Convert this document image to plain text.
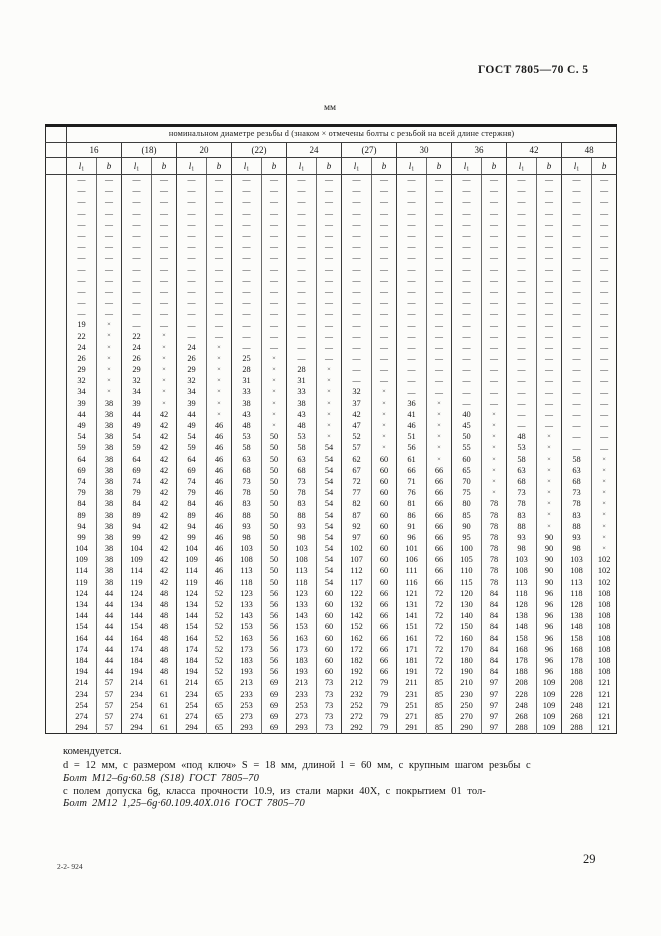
ГОСТ 7805—70 С. 5
мм
	номинальном диаметре резьбы d (знаком × отмечены болты с резьбой на всей длине стержня)																			
	16		(18)		20		(22)		24		(27)		30		36		42		48	
	$l_1$	b	$l_1$	b	$l_1$	b	$l_1$	b	$l_1$	b	$l_1$	b	$l_1$	b	$l_1$	b	$l_1$	b	$l_1$	b
	—	—	—	—	—	—	—	—	—	—	—	—	—	—	—	—	—	—	—	—
	—	—	—	—	—	—	—	—	—	—	—	—	—	—	—	—	—	—	—	—
	—	—	—	—	—	—	—	—	—	—	—	—	—	—	—	—	—	—	—	—
	—	—	—	—	—	—	—	—	—	—	—	—	—	—	—	—	—	—	—	—
	—	—	—	—	—	—	—	—	—	—	—	—	—	—	—	—	—	—	—	—
	—	—	—	—	—	—	—	—	—	—	—	—	—	—	—	—	—	—	—	—
	—	—	—	—	—	—	—	—	—	—	—	—	—	—	—	—	—	—	—	—
	—	—	—	—	—	—	—	—	—	—	—	—	—	—	—	—	—	—	—	—
	—	—	—	—	—	—	—	—	—	—	—	—	—	—	—	—	—	—	—	—
	—	—	—	—	—	—	—	—	—	—	—	—	—	—	—	—	—	—	—	—
	—	—	—	—	—	—	—	—	—	—	—	—	—	—	—	—	—	—	—	—
	—	—	—	—	—	—	—	—	—	—	—	—	—	—	—	—	—	—	—	—
	—	—	—	—	—	—	—	—	—	—	—	—	—	—	—	—	—	—	—	—
	19	×	—	—	—	—	—	—	—	—	—	—	—	—	—	—	—	—	—	—
	22	×	22	×	—	—	—	—	—	—	—	—	—	—	—	—	—	—	—	—
	24	×	24	×	24	×	—	—	—	—	—	—	—	—	—	—	—	—	—	—
	26	×	26	×	26	×	25	×	—	—	—	—	—	—	—	—	—	—	—	—
	29	×	29	×	29	×	28	×	28	×	—	—	—	—	—	—	—	—	—	—
	32	×	32	×	32	×	31	×	31	×	—	—	—	—	—	—	—	—	—	—
	34	×	34	×	34	×	33	×	33	×	32	×	—	—	—	—	—	—	—	—
	39	38	39	×	39	×	38	×	38	×	37	×	36	×	—	—	—	—	—	—
	44	38	44	42	44	×	43	×	43	×	42	×	41	×	40	×	—	—	—	—
	49	38	49	42	49	46	48	×	48	×	47	×	46	×	45	×	—	—	—	—
	54	38	54	42	54	46	53	50	53	×	52	×	51	×	50	×	48	×	—	—
	59	38	59	42	59	46	58	50	58	54	57	×	56	×	55	×	53	×	—	—
	64	38	64	42	64	46	63	50	63	54	62	60	61	×	60	×	58	×	58	×
	69	38	69	42	69	46	68	50	68	54	67	60	66	66	65	×	63	×	63	×
	74	38	74	42	74	46	73	50	73	54	72	60	71	66	70	×	68	×	68	×
	79	38	79	42	79	46	78	50	78	54	77	60	76	66	75	×	73	×	73	×
	84	38	84	42	84	46	83	50	83	54	82	60	81	66	80	78	78	×	78	×
	89	38	89	42	89	46	88	50	88	54	87	60	86	66	85	78	83	×	83	×
	94	38	94	42	94	46	93	50	93	54	92	60	91	66	90	78	88	×	88	×
	99	38	99	42	99	46	98	50	98	54	97	60	96	66	95	78	93	90	93	×
	104	38	104	42	104	46	103	50	103	54	102	60	101	66	100	78	98	90	98	×
	109	38	109	42	109	46	108	50	108	54	107	60	106	66	105	78	103	90	103	102
	114	38	114	42	114	46	113	50	113	54	112	60	111	66	110	78	108	90	108	102
	119	38	119	42	119	46	118	50	118	54	117	60	116	66	115	78	113	90	113	102
	124	44	124	48	124	52	123	56	123	60	122	66	121	72	120	84	118	96	118	108
	134	44	134	48	134	52	133	56	133	60	132	66	131	72	130	84	128	96	128	108
	144	44	144	48	144	52	143	56	143	60	142	66	141	72	140	84	138	96	138	108
	154	44	154	48	154	52	153	56	153	60	152	66	151	72	150	84	148	96	148	108
	164	44	164	48	164	52	163	56	163	60	162	66	161	72	160	84	158	96	158	108
	174	44	174	48	174	52	173	56	173	60	172	66	171	72	170	84	168	96	168	108
	184	44	184	48	184	52	183	56	183	60	182	66	181	72	180	84	178	96	178	108
	194	44	194	48	194	52	193	56	193	60	192	66	191	72	190	84	188	96	188	108
	214	57	214	61	214	65	213	69	213	73	212	79	211	85	210	97	208	109	208	121
	234	57	234	61	234	65	233	69	233	73	232	79	231	85	230	97	228	109	228	121
	254	57	254	61	254	65	253	69	253	73	252	79	251	85	250	97	248	109	248	121
	274	57	274	61	274	65	273	69	273	73	272	79	271	85	270	97	268	109	268	121
	294	57	294	61	294	65	293	69	293	73	292	79	291	85	290	97	288	109	288	121
комендуется.
d = 12 мм, с размером «под ключ» S = 18 мм, длиной l = 60 мм, с крупным шагом резьбы с
Болт М12–6g·60.58 (S18) ГОСТ 7805–70
с полем допуска 6g, класса прочности 10.9, из стали марки 40Х, с покрытием 01 тол-
Болт 2М12 1,25–6g·60.109.40Х.016 ГОСТ 7805–70
2-2- 924
29
